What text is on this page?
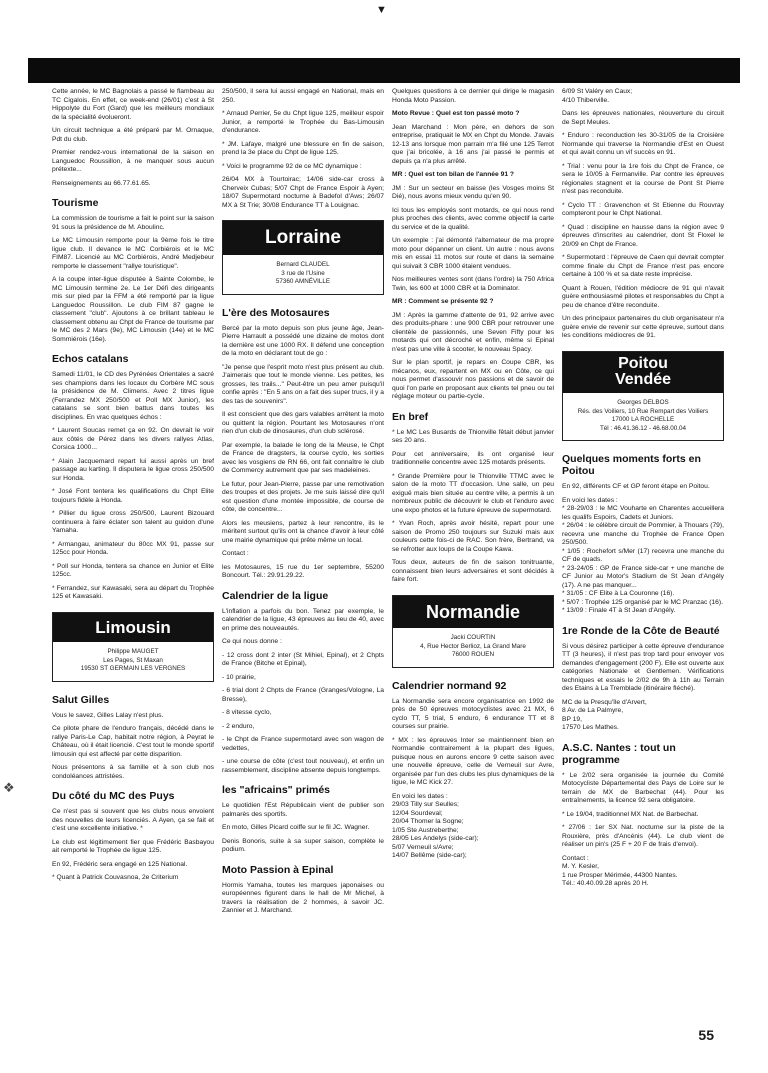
▼
❖

Cette année, le MC Bagnolais a passé le flambeau au TC Cigalois. En effet, ce week-end (26/01) c'est à St Hippolyte du Fort (Gard) que les meilleurs mondiaux de la spécialité évolueront.

Un circuit technique a été préparé par M. Ornaque, Pdt du club.

Premier rendez-vous international de la saison en Languedoc Roussillon, à ne manquer sous aucun prétexte...

Renseignements au 66.77.61.65.

Tourisme

La commission de tourisme a fait le point sur la saison 91 sous la présidence de M. Aboulinc.

Le MC Limousin remporte pour la 9ème fois le titre ligue club. Il devance le MC Corbiérois et le MC FIM87. Licencié au MC Corbiérois, André Medjebeur remporte le classement "rallye touristique".

A la coupe inter-ligue disputée à Sainte Colombe, le MC Limousin termine 2e. Le 1er Défi des dirigeants mis sur pied par la FFM a été remporté par la ligue Languedoc Roussillon. Le club FIM 87 gagne le classement "club". Ajoutons à ce brillant tableau le classement obtenu au Chpt de France de tourisme par le MC des 2 Mars (9e), MC Limousin (14e) et le MC Sommiérois (16e).

Echos catalans

Samedi 11/01, le CD des Pyrénées Orientales a sacré ses champions dans les locaux du Corbère MC sous la présidence de M. Climens. Avec 2 titres ligue (Ferrandez MX 250/500 et Poll MX Junior), les catalans se sont bien battus dans toutes les disciplines. En vrac quelques échos :

* Laurent Soucas remet ça en 92. On devrait le voir aux côtés de Pérez dans les divers rallyes Atlas, Corsica 1000...

* Alain Jacquemard repart lui aussi après un bref passage au karting. Il disputera le ligue cross 250/500 sur Honda.

* José Font tentera les qualifications du Chpt Elite toujours fidèle à Honda.

* Pillier du ligue cross 250/500, Laurent Bizouard continuera à faire éclater son talent au guidon d'une Yamaha.

* Armangau, animateur du 80cc MX 91, passe sur 125cc pour Honda.

* Poll sur Honda, tentera sa chance en Junior et Elite 125cc.

* Ferrandez, sur Kawasaki, sera au départ du Trophée 125 et Kawasaki.

Limousin
Philippe MAUGET
Les Pages, St Maxan
19530 ST GERMAIN LES VERGNES
Salut Gilles

Vous le savez, Gilles Lalay n'est plus.

Ce pilote phare de l'enduro français, décédé dans le rallye Paris-Le Cap, habitait notre région, à Peyrat le Château, où il était licencié. C'est tout le monde sportif limousin qui est affecté par cette disparition.

Nous présentons à sa famille et à son club nos condoléances attristées.

Du côté du MC des Puys

Ce n'est pas si souvent que les clubs nous envoient des nouvelles de leurs licenciés. A Ayen, ça se fait et c'est une excellente initiative. *

Le club est légitimement fier que Frédéric Basbayou ait remporté le Trophée de ligue 125.

En 92, Frédéric sera engagé en 125 National.

* Quant à Patrick Couvasnoa, 2e Criterium

250/500, il sera lui aussi engagé en National, mais en 250.

* Arnaud Perrier, 5e du Chpt ligue 125, meilleur espoir Junior, a remporté le Trophée du Bas-Limousin d'endurance.

* JM. Lafaye, malgré une blessure en fin de saison, prend la 3e place du Chpt de ligue 125.

* Voici le programme 92 de ce MC dynamique :

26/04 MX à Tourtoirac; 14/06 side-car cross à Cherveix Cubas; 5/07 Chpt de France Espoir à Ayen; 18/07 Supermotard nocturne à Badefol d'Aws; 26/07 MX à St Trie; 30/08 Endurance TT à Louignac.

Lorraine
Bernard CLAUDEL
3 rue de l'Usine
57360 AMNÉVILLE
L'ère des Motosaures

Bercé par la moto depuis son plus jeune âge, Jean-Pierre Harrault a possédé une dizaine de motos dont la dernière est une 1000 RX. Il défend une conception de la moto en déclarant tout de go :

"Je pense que l'esprit moto n'est plus présent au club. J'aimerais que tout le monde vienne. Les petites, les grosses, les trails..." Peut-être un peu amer puisqu'il confie après : "En 5 ans on a fait des super trucs, il y a des tas de souvenirs".

Il est conscient que des gars valables arrêtent la moto ou quittent la région. Pourtant les Motosaures n'ont rien d'un club de dinosaures, d'un club sclérosé.

Par exemple, la balade le long de la Meuse, le Chpt de France de dragsters, la course cyclo, les sorties avec les vosgiens de RN 66, ont fait connaître le club de Commercy autrement que par ses madeleines.

Le futur, pour Jean-Pierre, passe par une remotivation des troupes et des projets. Je me suis laissé dire qu'il est question d'une montée impossible, de course de côte, de concentre...

Alors les meusiens, partez à leur rencontre, ils le méritent surtout qu'ils ont la chance d'avoir à leur côté une mairie dynamique qui prête même un local.

Contact :

les Motosaures, 15 rue du 1er septembre, 55200 Boncourt. Tél.: 29.91.29.22.

Calendrier de la ligue

L'inflation a parfois du bon. Tenez par exemple, le calendrier de la ligue, 43 épreuves au lieu de 40, avec en prime des nouveautés.

Ce qui nous donne :

- 12 cross dont 2 inter (St Mihiel, Epinal), et 2 Chpts de France (Bitche et Epinal),

- 10 prairie,

- 6 trial dont 2 Chpts de France (Granges/Vologne, La Bresse),

- 8 vitesse cyclo,

- 2 enduro,

- le Chpt de France supermotard avec son wagon de vedettes,

- une course de côte (c'est tout nouveau), et enfin un rassemblement, discipline absente depuis longtemps.

les "africains" primés

Le quotidien l'Est Républicain vient de publier son palmarès des sportifs.

En moto, Gilles Picard coiffe sur le fil JC. Wagner.

Denis Bonoris, suite à sa super saison, complète le podium.

Moto Passion à Epinal

Hormis Yamaha, toutes les marques japonaises ou européennes figurent dans le hall de Mr Michel, à travers la réalisation de 2 hommes, à savoir JC. Zannier et J. Marchand.

Quelques questions à ce dernier qui dirige le magasin Honda Moto Passion.

Moto Revue : Quel est ton passé moto ?

Jean Marchand : Mon père, en dehors de son entreprise, pratiquait le MX en Chpt du Monde. J'avais 12-13 ans lorsque mon parrain m'a filé une 125 Terrot que j'ai bricolée, à 16 ans j'ai passé le permis et depuis ça n'a plus arrêté.

MR : Quel est ton bilan de l'année 91 ?

JM : Sur un secteur en baisse (les Vosges moins St Dié), nous avons mieux vendu qu'en 90.

Ici tous les employés sont motards, ce qui nous rend plus proches des clients, avec comme objectif la carte du service et de la qualité.

Un exemple : j'ai démonté l'alternateur de ma propre moto pour dépanner un client. Un autre : nous avons mis en essai 11 motos sur route et dans la semaine qui suivait 3 CBR 1000 étaient vendues.

Nos meilleures ventes sont (dans l'ordre) la 750 Africa Twin, les 600 et 1000 CBR et la Dominator.

MR : Comment se présente 92 ?

JM : Après la gamme d'attente de 91, 92 arrive avec des produits-phare : une 900 CBR pour retrouver une clientèle de passionnés, une Seven Fifty pour les motards qui ont décroché et enfin, même si Epinal n'est pas une ville à scooter, le nouveau Spacy.

Sur le plan sportif, je repars en Coupe CBR, les mécanos, eux, repartent en MX ou en Côte, ce qui nous permet d'assouvir nos passions et de savoir de quoi l'on parle en proposant aux clients tel pneu ou tel réglage moteur ou partie-cycle.

En bref

* Le MC Les Busards de Thionville fêtait début janvier ses 20 ans.

Pour cet anniversaire, ils ont organisé leur traditionnelle concentre avec 125 motards présents.

* Grande Première pour le Thionville TTMC avec le salon de la moto TT d'occasion. Une salle, un peu exiguë mais bien située au centre ville, a permis à un nombreux public de découvrir le club et l'enduro avec une expo photos et la future épreuve de supermotard.

* Yvan Roch, après avoir hésité, repart pour une saison de Promo 250 toujours sur Suzuki mais aux couleurs cette fois-ci de RAC. Son frère, Bertrand, va se refrotter aux loups de la Coupe Kawa.

Tous deux, auteurs de fin de saison tonitruante, connaissent bien leurs adversaires et sont décidés à faire fort.

Normandie
Jacki COURTIN
4, Rue Hector Berlioz, La Grand Mare
76000 ROUEN
Calendrier normand 92

La Normandie sera encore organisatrice en 1992 de près de 50 épreuves motocyclistes avec 21 MX, 6 cyclo TT, 5 trial, 5 enduro, 6 endurance TT et 8 courses sur prairie.

* MX : les épreuves Inter se maintiennent bien en Normandie contrairement à la plupart des ligues, puisque nous en aurons encore 9 cette saison avec une nouvelle épreuve, celle de Verneuil sur Avre, organisée par l'un des clubs les plus dynamiques de la ligue, le MC Kick 27.

En voici les dates :
29/03 Tilly sur Seulles;
12/04 Sourdeval;
20/04 Thomer la Sogne;
1/05 Ste Austreberthe;
28/05 Les Andelys (side-car);
5/07 Verneuil s/Avre;
14/07 Bellême (side-car);

6/09 St Valéry en Caux;
4/10 Thiberville.

Dans les épreuves nationales, réouverture du circuit de Sept Meules.

* Enduro : reconduction les 30-31/05 de la Croisière Normande qui traverse la Normandie d'Est en Ouest et qui avait connu un vif succès en 91.

* Trial : venu pour la 1re fois du Chpt de France, ce sera le 10/05 à Fermanville. Par contre les épreuves régionales stagnent et la course de Pont St Pierre n'est pas reconduite.

* Cyclo TT : Gravenchon et St Etienne du Rouvray compteront pour le Chpt National.

* Quad : discipline en hausse dans la région avec 9 épreuves d'inscrites au calendrier, dont St Floxel le 20/09 en Chpt de France.

* Supermotard : l'épreuve de Caen qui devrait compter comme finale du Chpt de France n'est pas encore certaine à 100 % et sa date reste imprécise.

Quant à Rouen, l'édition médiocre de 91 qui n'avait guère enthousiasmé pilotes et responsables du Chpt a peu de chance d'être reconduite.

Un des principaux partenaires du club organisateur n'a guère envie de revenir sur cette épreuve, surtout dans les conditions médiocres de 91.

Poitou
Vendée
Georges DELBOS
Rés. des Voiliers, 10 Rue Rempart des Voiliers
17000 LA ROCHELLE
Tél : 46.41.36.12 - 46.68.00.04
Quelques moments forts en Poitou

En 92, différents CF et GP feront étape en Poitou.

En voici les dates :
* 28-29/03 : le MC Vouharte en Charentes accueillera les qualifs Espoirs, Cadets et Juniors.
* 26/04 : le célèbre circuit de Pommier, à Thouars (79), recevra une manche du Trophée de France Open 250/500.
* 1/05 : Rochefort s/Mer (17) recevra une manche du CF de quads.
* 23-24/05 : GP de France side-car + une manche de CF Junior au Motor's Stadium de St Jean d'Angély (17). A ne pas manquer...
* 31/05 : CF Elite à La Couronne (16).
* 5/07 : Trophée 125 organisé par le MC Pranzac (16).
* 13/09 : Finale 4T à St Jean d'Angély.

1re Ronde de la Côte de Beauté

Si vous désirez participer à cette épreuve d'endurance TT (3 heures), il n'est pas trop tard pour envoyer vos demandes d'engagement (200 F). Elle est ouverte aux catégories Nationale et Gentlemen. Vérifications techniques et essais le 2/02 de 9h à 11h au Terrain des Etains à La Tremblade (itinéraire fléché).

MC de la Presqu'île d'Arvert,
8 Av. de La Palmyre,
BP 19,
17570 Les Mathes.

A.S.C. Nantes : tout un programme

* Le 2/02 sera organisée la journée du Comité Motocycliste Départemental des Pays de Loire sur le terrain de MX de Barbechat (44). Pour les entraînements, la licence 92 sera obligatoire.

* Le 19/04, traditionnel MX Nat. de Barbechat.

* 27/06 : 1er SX Nat. nocturne sur la piste de la Rouxière, près d'Ancénis (44). Le club vient de réaliser un pin's (25 F + 20 F de frais d'envoi).

Contact :
M. Y. Kesler,
1 rue Prosper Mérimée, 44300 Nantes.
Tél.: 40.40.09.28 après 20 H.

55
